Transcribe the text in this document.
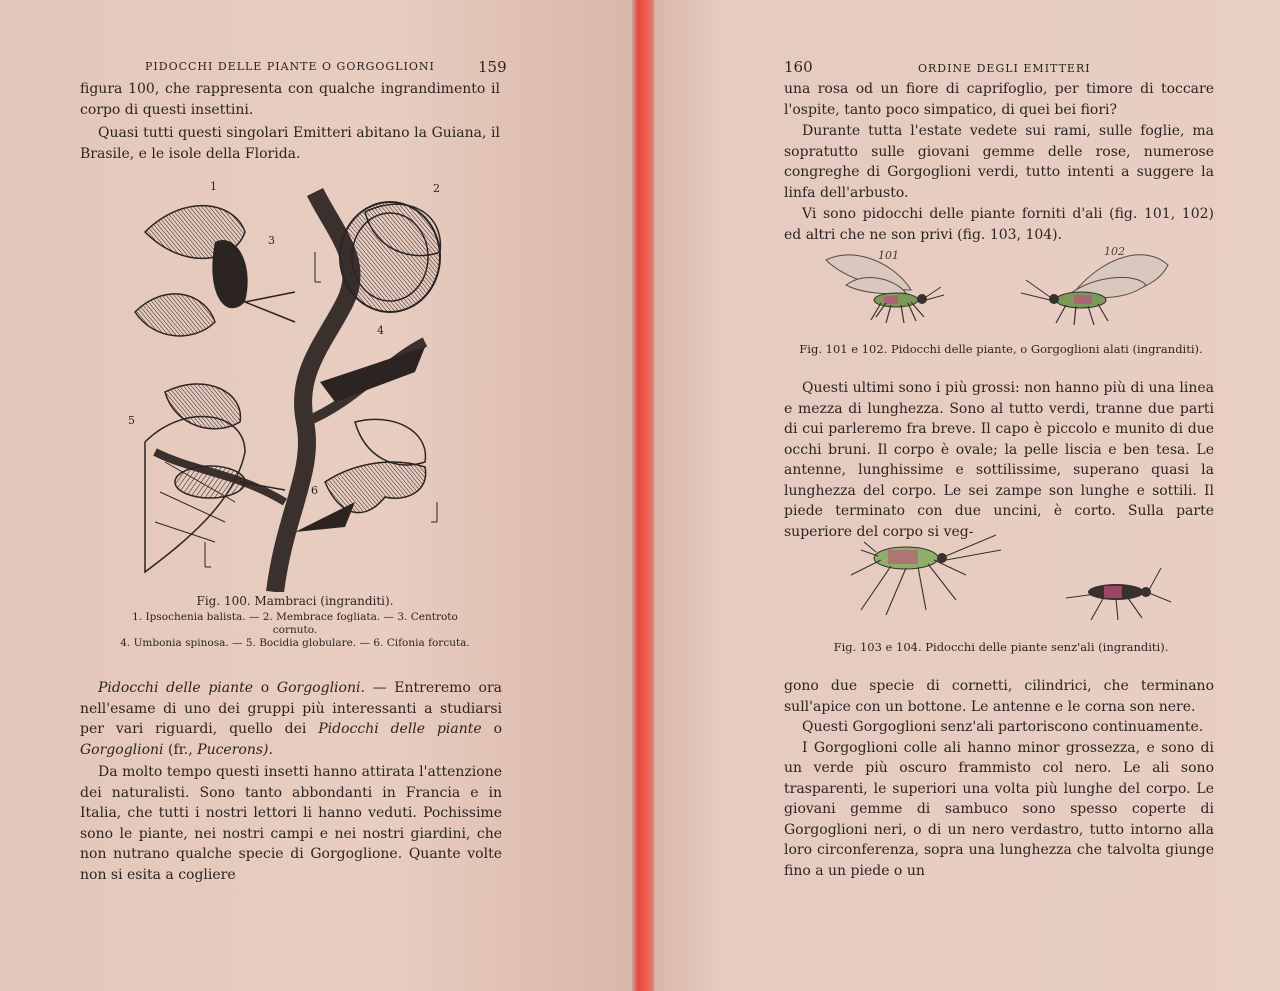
PIDOCCHI DELLE PIANTE O GORGOGLIONI	159

figura 100, che rappresenta con qualche ingrandimento il corpo di questi insettini.

Quasi tutti questi singolari Emitteri abitano la Guiana, il Brasile, e le isole della Florida.

1	2
3
4
5
6
Fig. 100. Mambraci (ingranditi).
1. Ipsochenia balista. — 2. Membrace fogliata. — 3. Centroto cornuto.
4. Umbonia spinosa. — 5. Bocidia globulare. — 6. Cifonia forcuta.

Pidocchi delle piante o Gorgoglioni. — Entreremo ora nell'esame di uno dei gruppi più interessanti a studiarsi per vari riguardi, quello dei Pidocchi delle piante o Gorgoglioni (fr., Pucerons).

Da molto tempo questi insetti hanno attirata l'attenzione dei naturalisti. Sono tanto abbondanti in Francia e in Italia, che tutti i nostri lettori li hanno veduti. Pochissime sono le piante, nei nostri campi e nei nostri giardini, che non nutrano qualche specie di Gorgoglione. Quante volte non si esita a cogliere

160	ORDINE DEGLI EMITTERI

una rosa od un fiore di caprifoglio, per timore di toccare l'ospite, tanto poco simpatico, di quei bei fiori?

Durante tutta l'estate vedete sui rami, sulle foglie, ma sopratutto sulle giovani gemme delle rose, numerose congreghe di Gorgoglioni verdi, tutto intenti a suggere la linfa dell'arbusto.

Vi sono pidocchi delle piante forniti d'ali (fig. 101, 102) ed altri che ne son privi (fig. 103, 104).

101	102
Fig. 101 e 102. Pidocchi delle piante, o Gorgoglioni alati (ingranditi).

Questi ultimi sono i più grossi: non hanno più di una linea e mezza di lunghezza. Sono al tutto verdi, tranne due parti di cui parleremo fra breve. Il capo è piccolo e munito di due occhi bruni. Il corpo è ovale; la pelle liscia e ben tesa. Le antenne, lunghissime e sottilissime, superano quasi la lunghezza del corpo. Le sei zampe son lunghe e sottili. Il piede terminato con due uncini, è corto. Sulla parte superiore del corpo si veg-

Fig. 103 e 104. Pidocchi delle piante senz'ali (ingranditi).

gono due specie di cornetti, cilindrici, che terminano sull'apice con un bottone. Le antenne e le corna son nere.

Questi Gorgoglioni senz'ali partoriscono continuamente.

I Gorgoglioni colle ali hanno minor grossezza, e sono di un verde più oscuro frammisto col nero. Le ali sono trasparenti, le superiori una volta più lunghe del corpo. Le giovani gemme di sambuco sono spesso coperte di Gorgoglioni neri, o di un nero verdastro, tutto intorno alla loro circonferenza, sopra una lunghezza che talvolta giunge fino a un piede o un
